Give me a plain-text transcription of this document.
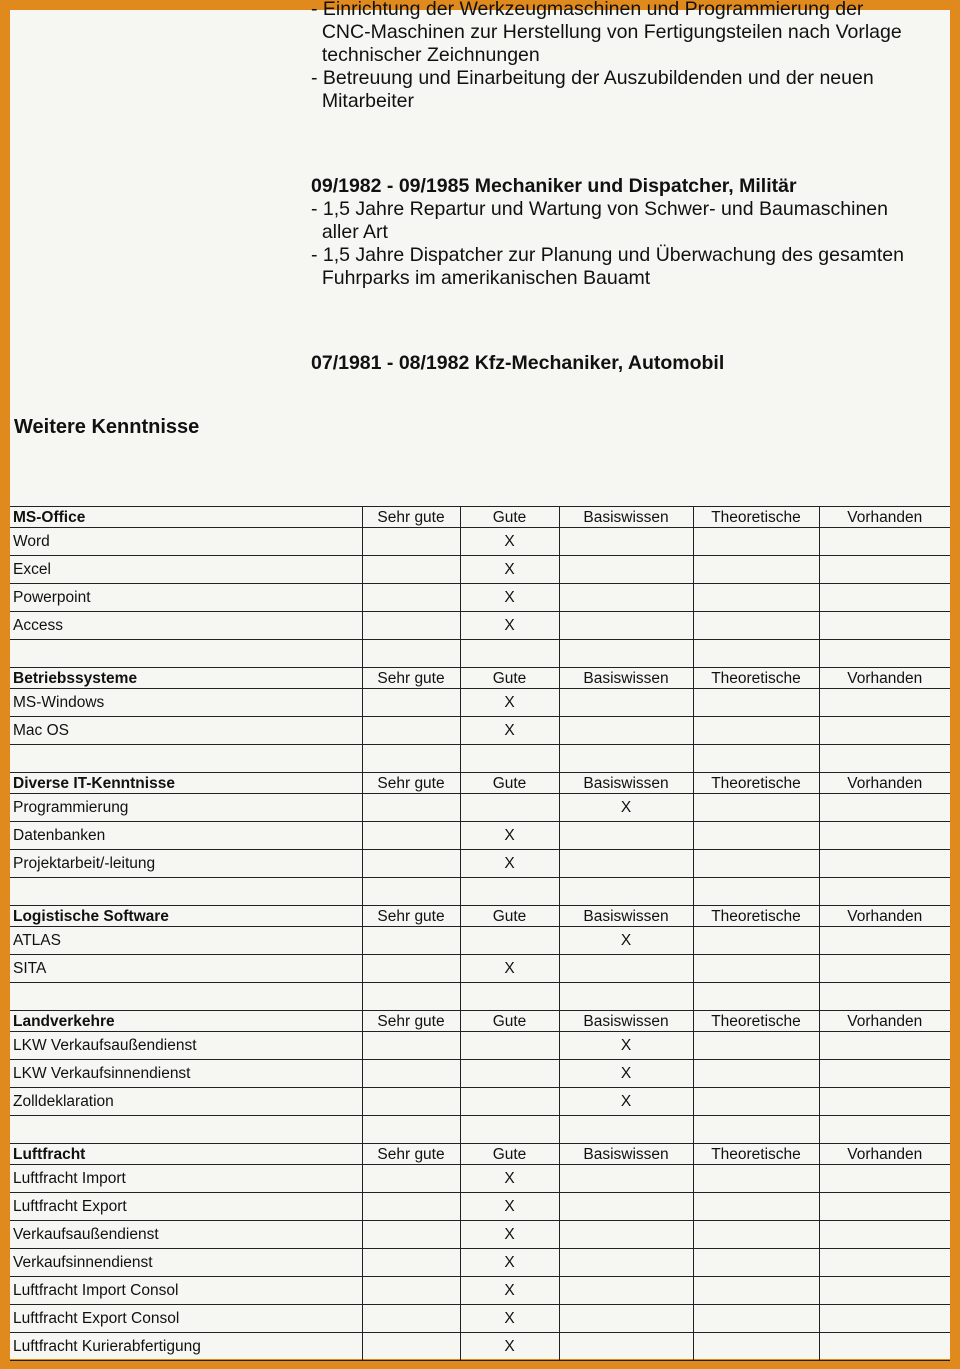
- Einrichtung der Werkzeugmaschinen und Programmierung der

CNC-Maschinen zur Herstellung von Fertigungsteilen nach Vorlage

technischer Zeichnungen

- Betreuung und Einarbeitung der Auszubildenden und der neuen

Mitarbeiter

09/1982 - 09/1985 Mechaniker und Dispatcher, Militär

- 1,5 Jahre Repartur und Wartung von Schwer- und Baumaschinen

aller Art

- 1,5 Jahre Dispatcher zur Planung und Überwachung des gesamten

Fuhrparks im amerikanischen Bauamt

07/1981 - 08/1982 Kfz-Mechaniker, Automobil

Weitere Kenntnisse
MS-Office	Sehr gute	Gute	Basiswissen	Theoretische	Vorhanden
Word		X			
Excel		X			
Powerpoint		X			
Access		X			

Betriebssysteme	Sehr gute	Gute	Basiswissen	Theoretische	Vorhanden
MS-Windows		X			
Mac OS		X			

Diverse IT-Kenntnisse	Sehr gute	Gute	Basiswissen	Theoretische	Vorhanden
Programmierung			X		
Datenbanken		X			
Projektarbeit/-leitung		X			

Logistische Software	Sehr gute	Gute	Basiswissen	Theoretische	Vorhanden
ATLAS			X		
SITA		X			

Landverkehre	Sehr gute	Gute	Basiswissen	Theoretische	Vorhanden
LKW Verkaufsaußendienst			X		
LKW Verkaufsinnendienst			X		
Zolldeklaration			X		

Luftfracht	Sehr gute	Gute	Basiswissen	Theoretische	Vorhanden
Luftfracht Import		X			
Luftfracht Export		X			
Verkaufsaußendienst		X			
Verkaufsinnendienst		X			
Luftfracht Import Consol		X			
Luftfracht Export Consol		X			
Luftfracht Kurierabfertigung		X			
